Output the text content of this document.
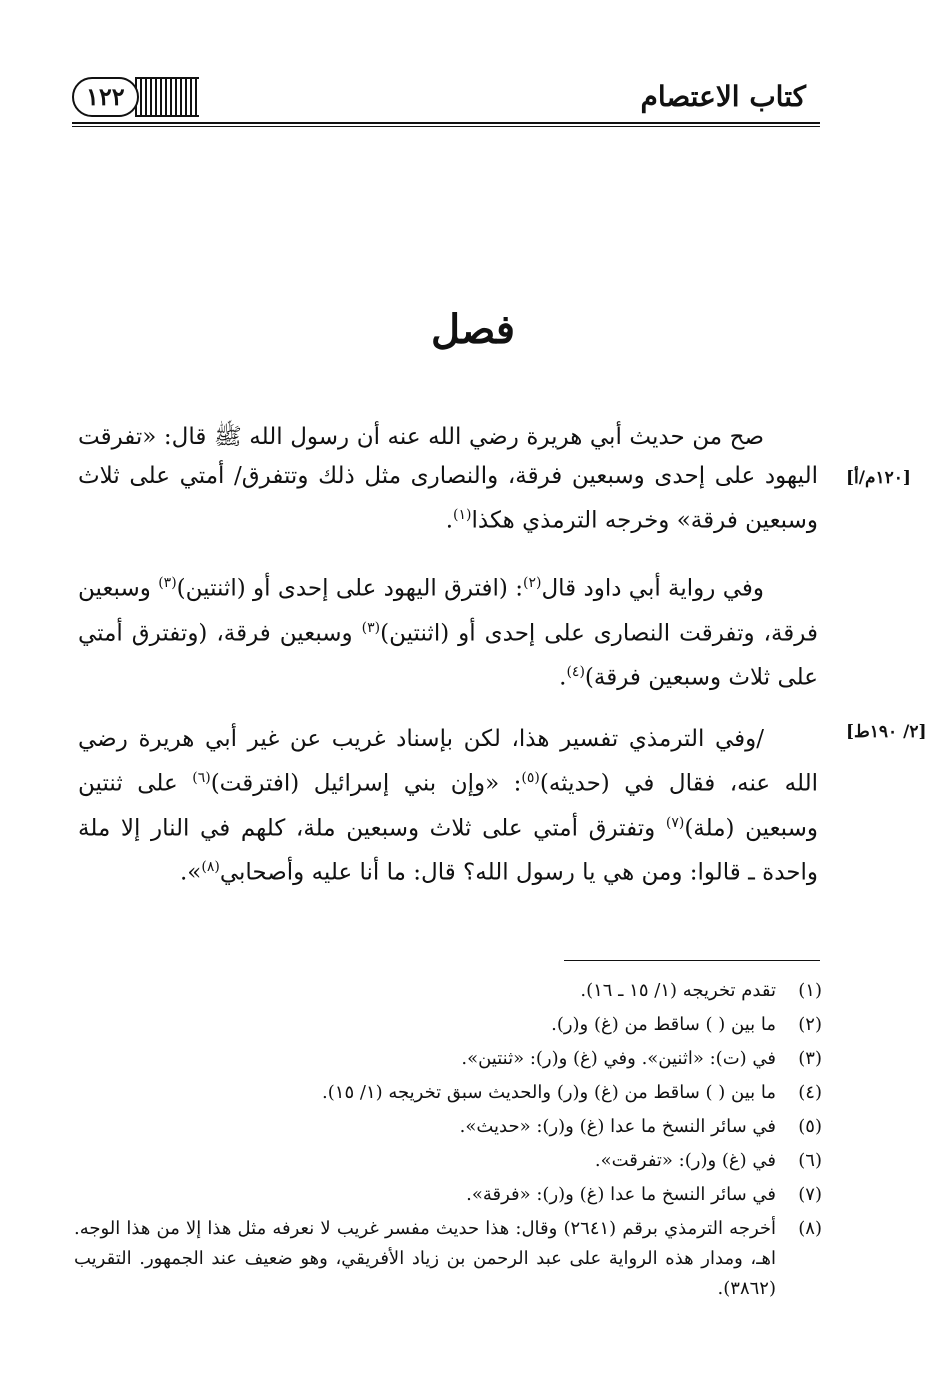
١٢٢	كتاب الاعتصام
فصل
[١٢٠م/أ]
[٢/ ١٩٠ط]
صح من حديث أبي هريرة رضي الله عنه أن رسول الله ﷺ قال: «تفرقت اليهود على إحدى وسبعين فرقة، والنصارى مثل ذلك وتتفرق/ أمتي على ثلاث وسبعين فرقة» وخرجه الترمذي هكذا$^{(١)}$.
وفي رواية أبي داود قال$^{(٢)}$: (افترق اليهود على إحدى أو (اثنتين)$^{(٣)}$ وسبعين فرقة، وتفرقت النصارى على إحدى أو (اثنتين)$^{(٣)}$ وسبعين فرقة، (وتفترق أمتي على ثلاث وسبعين فرقة)$^{(٤)}$.
/وفي الترمذي تفسير هذا، لكن بإسناد غريب عن غير أبي هريرة رضي الله عنه، فقال في (حديثه)$^{(٥)}$: «وإن بني إسرائيل (افترقت)$^{(٦)}$ على ثنتين وسبعين (ملة)$^{(٧)}$ وتفترق أمتي على ثلاث وسبعين ملة، كلهم في النار إلا ملة واحدة ـ قالوا: ومن هي يا رسول الله؟ قال: ما أنا عليه وأصحابي$^{(٨)}$».
(١)
تقدم تخريجه (١/ ١٥ ـ ١٦).
(٢)
ما بين ( ) ساقط من (غ) و(ر).
(٣)
في (ت): «اثنين». وفي (غ) و(ر): «ثنتين».
(٤)
ما بين ( ) ساقط من (غ) و(ر) والحديث سبق تخريجه (١/ ١٥).
(٥)
في سائر النسخ ما عدا (غ) و(ر): «حديث».
(٦)
في (غ) و(ر): «تفرقت».
(٧)
في سائر النسخ ما عدا (غ) و(ر): «فرقة».
(٨)
أخرجه الترمذي برقم (٢٦٤١) وقال: هذا حديث مفسر غريب لا نعرفه مثل هذا إلا من هذا الوجه. اهـ، ومدار هذه الرواية على عبد الرحمن بن زياد الأفريقي، وهو ضعيف عند الجمهور. التقريب (٣٨٦٢).
